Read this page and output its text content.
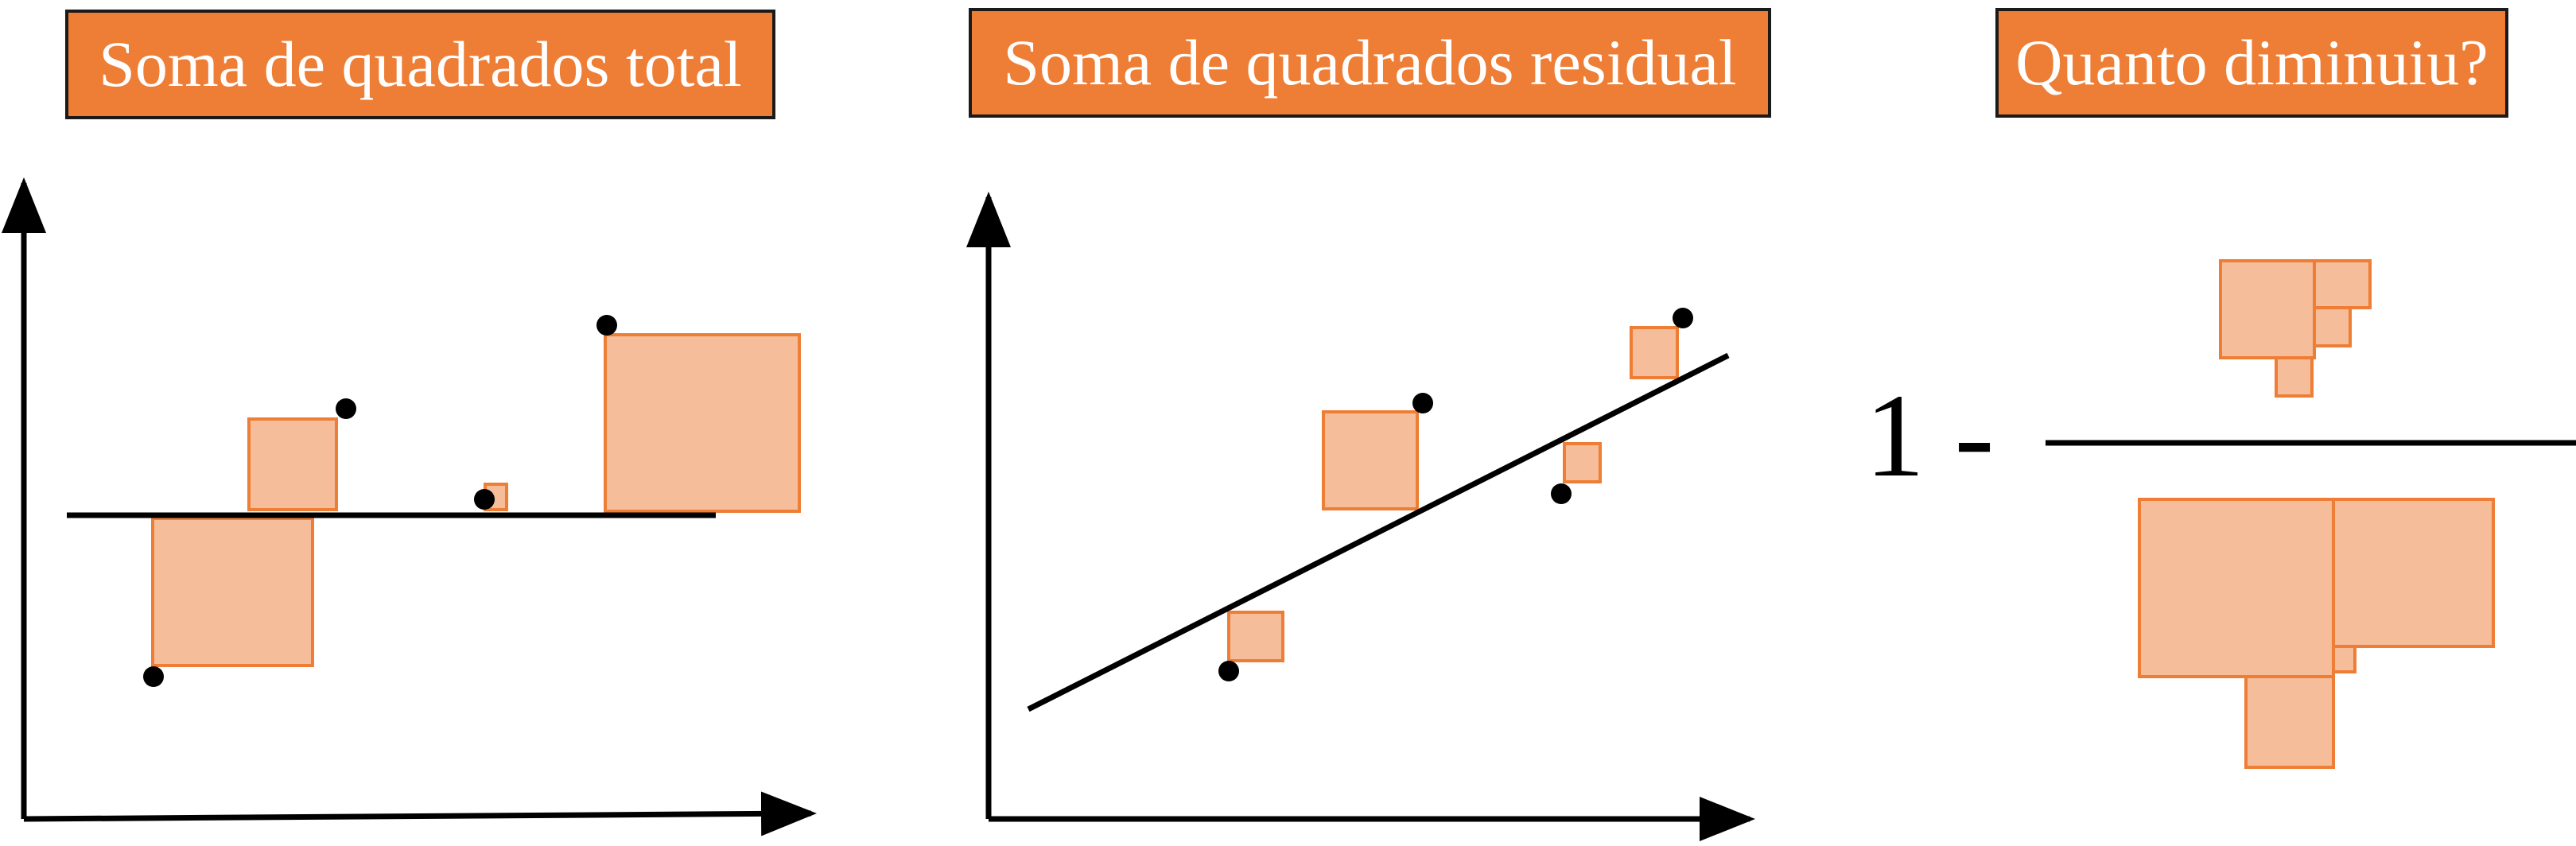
Soma de quadrados total	Soma de quadrados residual	Quanto diminuiu?
1 -
